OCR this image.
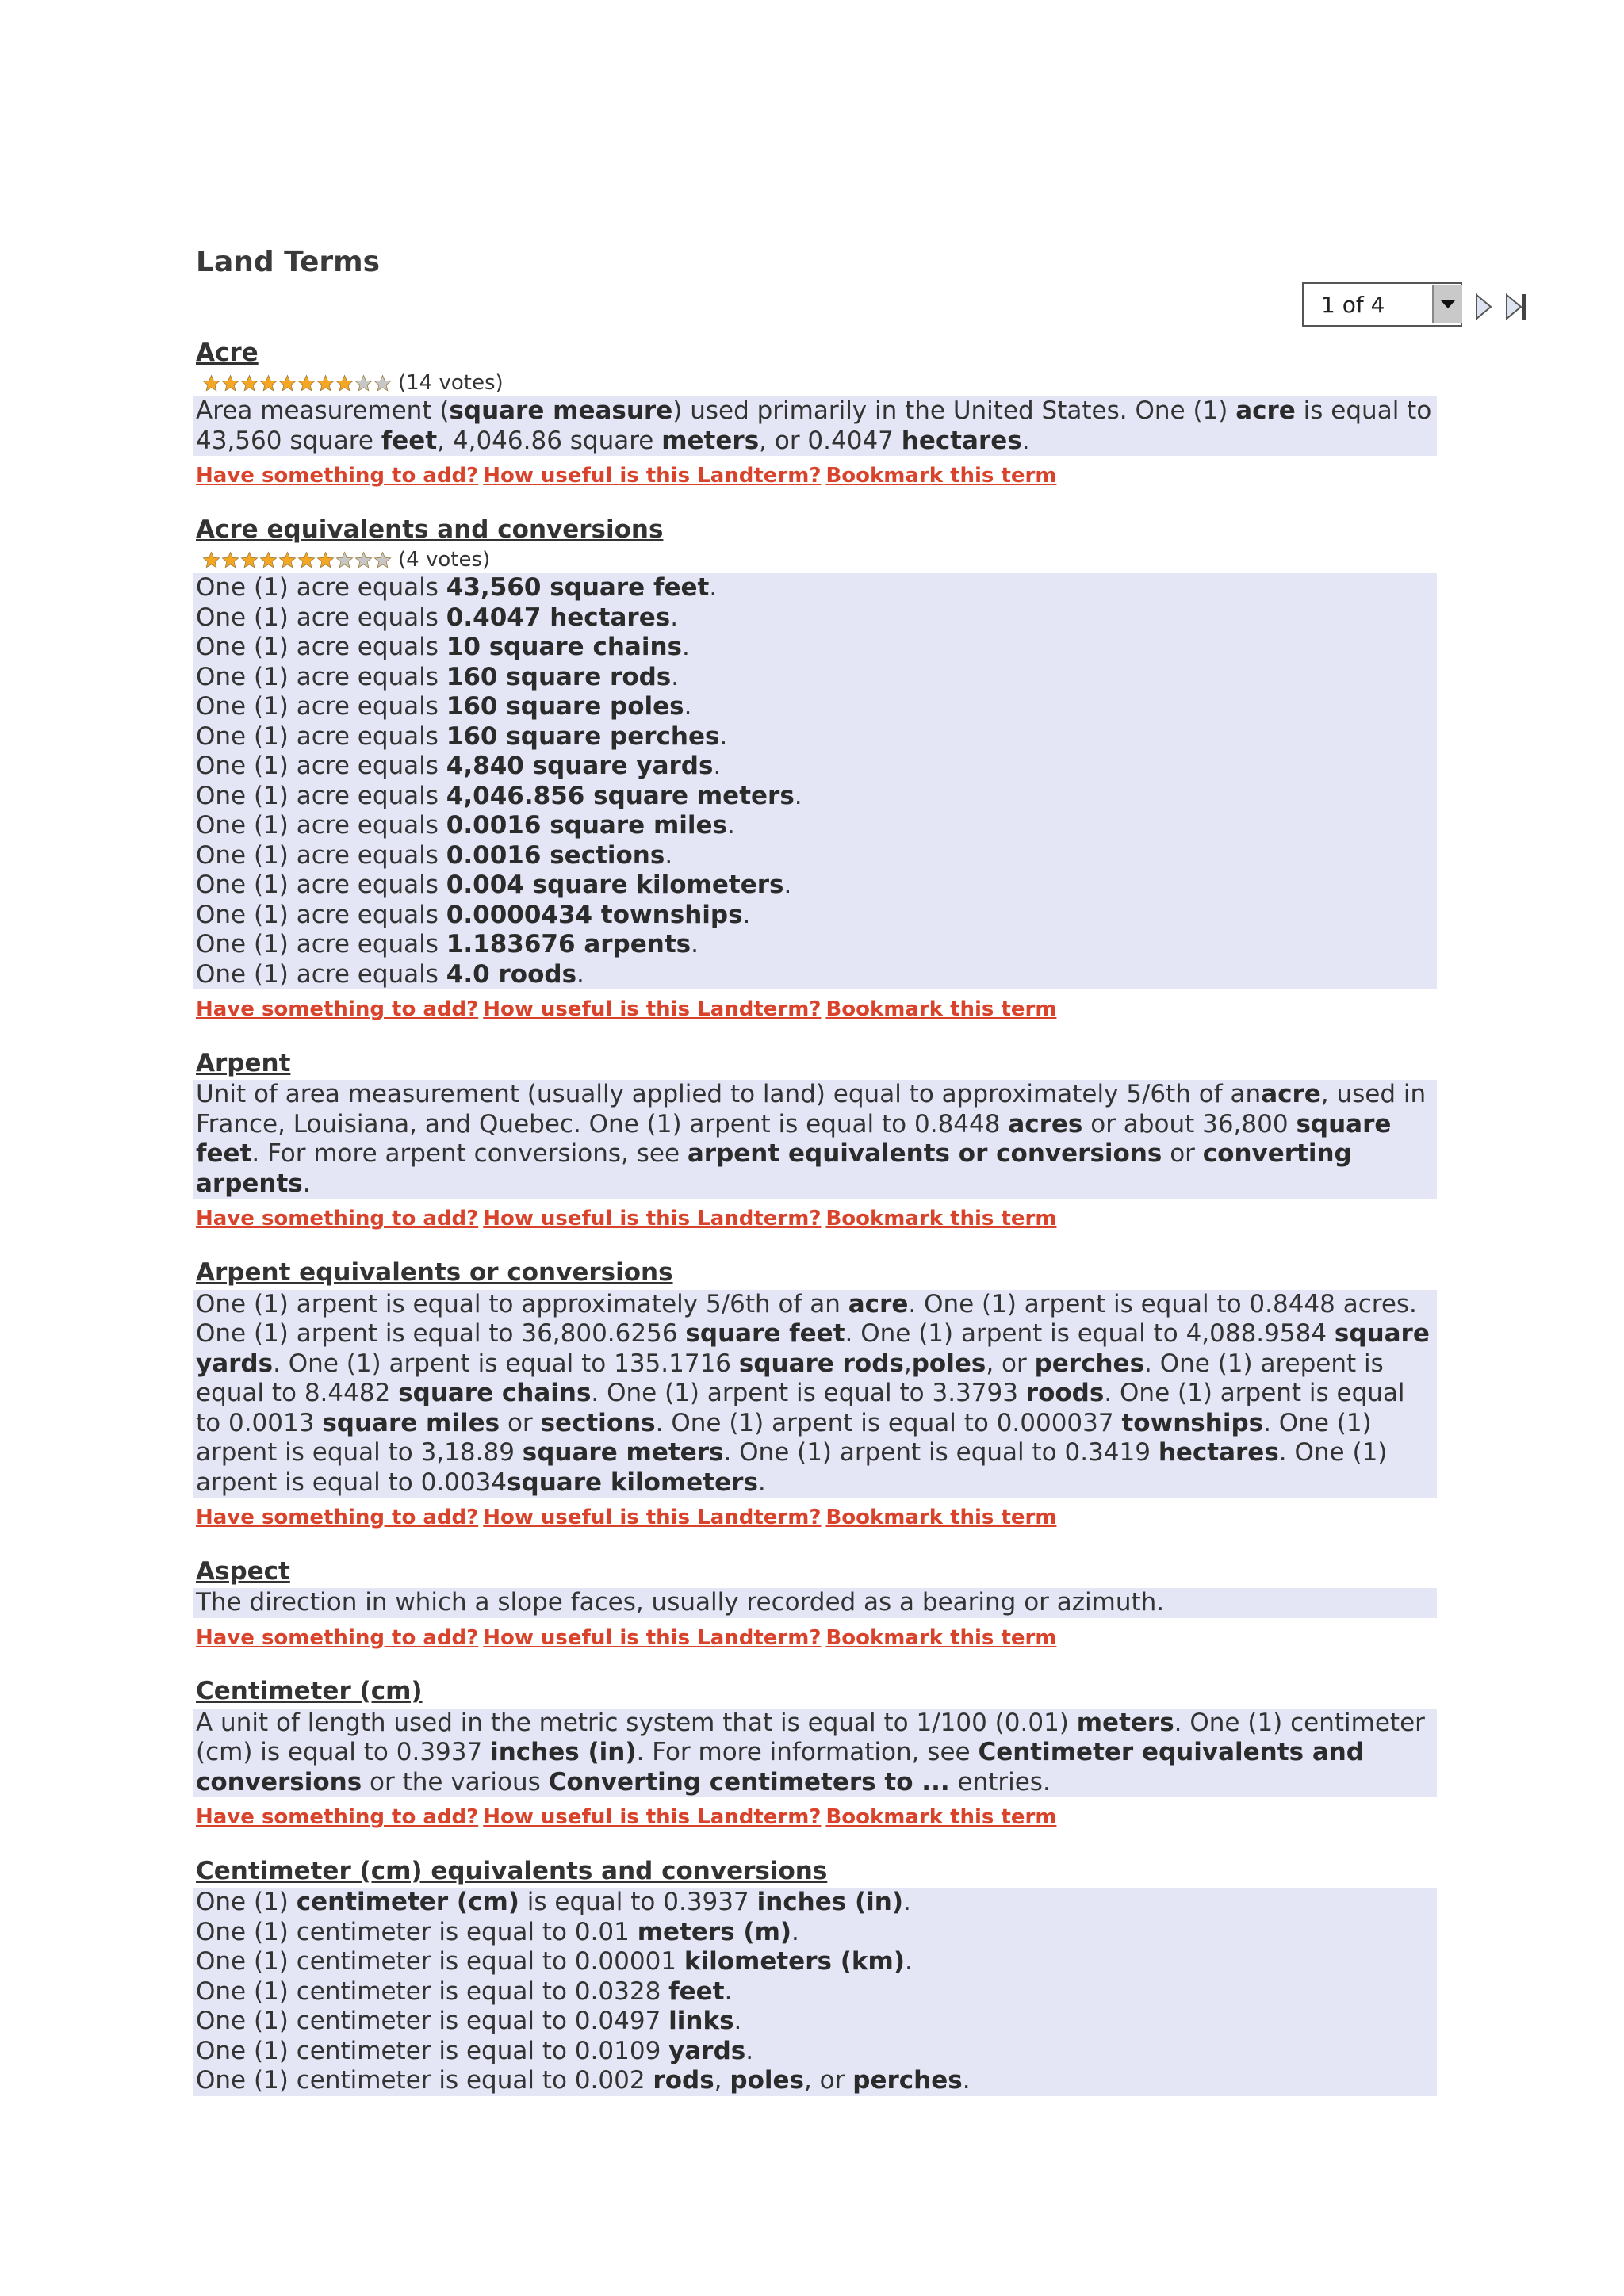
Land Terms
1 of 4
Acre
(14 votes)
Area measurement (square measure) used primarily in the United States. One (1) acre is equal to 43,560 square feet, 4,046.86 square meters, or 0.4047 hectares.
Have something to add? How useful is this Landterm? Bookmark this term
Acre equivalents and conversions
(4 votes)
One (1) acre equals 43,560 square feet.
One (1) acre equals 0.4047 hectares.
One (1) acre equals 10 square chains.
One (1) acre equals 160 square rods.
One (1) acre equals 160 square poles.
One (1) acre equals 160 square perches.
One (1) acre equals 4,840 square yards.
One (1) acre equals 4,046.856 square meters.
One (1) acre equals 0.0016 square miles.
One (1) acre equals 0.0016 sections.
One (1) acre equals 0.004 square kilometers.
One (1) acre equals 0.0000434 townships.
One (1) acre equals 1.183676 arpents.
One (1) acre equals 4.0 roods.
Have something to add? How useful is this Landterm? Bookmark this term
Arpent
Unit of area measurement (usually applied to land) equal to approximately 5/6th of anacre, used in France, Louisiana, and Quebec. One (1) arpent is equal to 0.8448 acres or about 36,800 square feet. For more arpent conversions, see arpent equivalents or conversions or converting arpents.
Have something to add? How useful is this Landterm? Bookmark this term
Arpent equivalents or conversions
One (1) arpent is equal to approximately 5/6th of an acre. One (1) arpent is equal to 0.8448 acres. One (1) arpent is equal to 36,800.6256 square feet. One (1) arpent is equal to 4,088.9584 square yards. One (1) arpent is equal to 135.1716 square rods,poles, or perches. One (1) arepent is equal to 8.4482 square chains. One (1) arpent is equal to 3.3793 roods. One (1) arpent is equal to 0.0013 square miles or sections. One (1) arpent is equal to 0.000037 townships. One (1) arpent is equal to 3,18.89 square meters. One (1) arpent is equal to 0.3419 hectares. One (1) arpent is equal to 0.0034square kilometers.
Have something to add? How useful is this Landterm? Bookmark this term
Aspect
The direction in which a slope faces, usually recorded as a bearing or azimuth.
Have something to add? How useful is this Landterm? Bookmark this term
Centimeter (cm)
A unit of length used in the metric system that is equal to 1/100 (0.01) meters. One (1) centimeter (cm) is equal to 0.3937 inches (in). For more information, see Centimeter equivalents and conversions or the various Converting centimeters to ... entries.
Have something to add? How useful is this Landterm? Bookmark this term
Centimeter (cm) equivalents and conversions
One (1) centimeter (cm) is equal to 0.3937 inches (in).
One (1) centimeter is equal to 0.01 meters (m).
One (1) centimeter is equal to 0.00001 kilometers (km).
One (1) centimeter is equal to 0.0328 feet.
One (1) centimeter is equal to 0.0497 links.
One (1) centimeter is equal to 0.0109 yards.
One (1) centimeter is equal to 0.002 rods, poles, or perches.
